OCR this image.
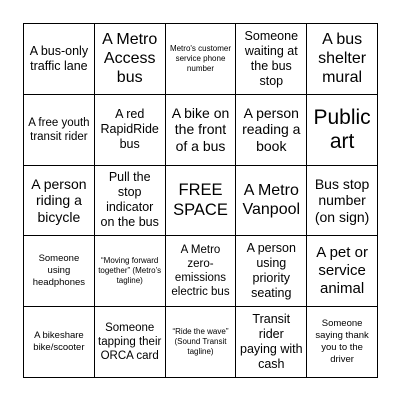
A bus-only traffic lane
A Metro Access bus
Metro's customer service phone number
Someone waiting at the bus stop
A bus shelter mural
A free youth transit rider
A red RapidRide bus
A bike on the front of a bus
A person reading a book
Public art
A person riding a bicycle
Pull the stop indicator on the bus
FREE SPACE
A Metro Vanpool
Bus stop number (on sign)
Someone using headphones
“Moving forward together” (Metro’s tagline)
A Metro zero-emissions electric bus
A person using priority seating
A pet or service animal
A bikeshare bike/scooter
Someone tapping their ORCA card
“Ride the wave” (Sound Transit tagline)
Transit rider paying with cash
Someone saying thank you to the driver
